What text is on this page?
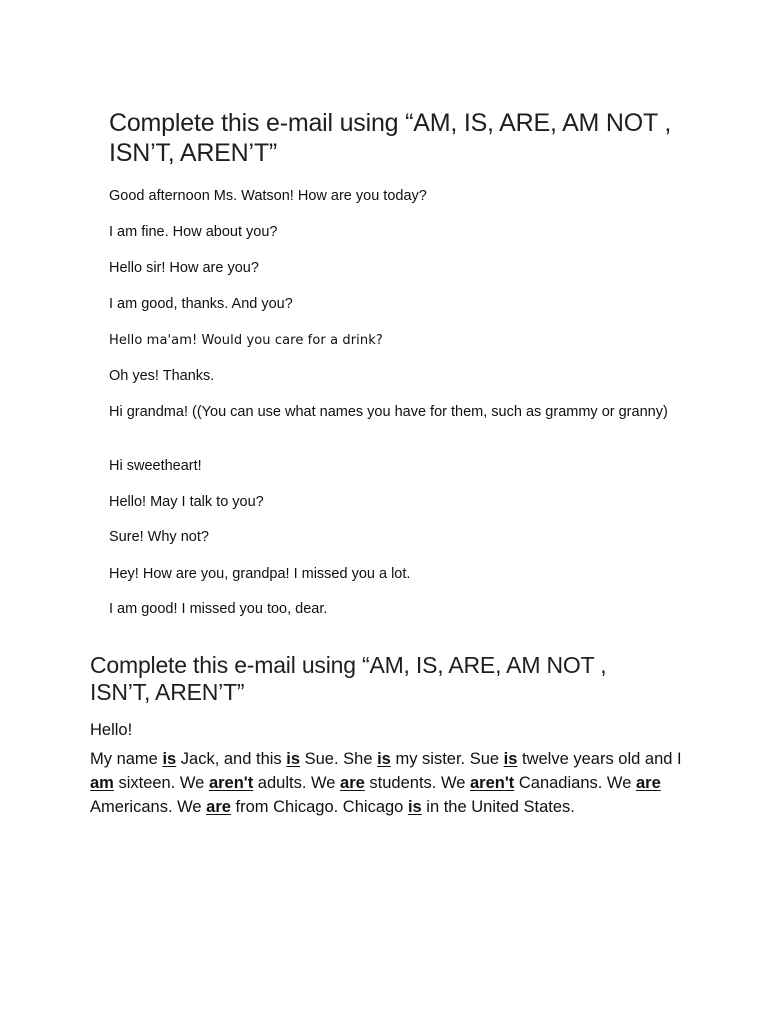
Complete this e-mail using “AM, IS, ARE, AM NOT , ISN’T, AREN’T”
Good afternoon Ms. Watson! How are you today?
I am fine. How about you?
Hello sir! How are you?
I am good, thanks. And you?
Hello ma'am! Would you care for a drink?
Oh yes! Thanks.
Hi grandma! ((You can use what names you have for them, such as grammy or granny)
Hi sweetheart!
Hello! May I talk to you?
Sure! Why not?
Hey! How are you, grandpa! I missed you a lot.
I am good! I missed you too, dear.
Complete this e-mail using “AM, IS, ARE, AM NOT , ISN’T, AREN’T”
Hello!
My name is Jack, and this is Sue. She is my sister. Sue is twelve years old and I am sixteen. We aren't adults. We are students. We aren't Canadians. We are Americans. We are from Chicago. Chicago is in the United States.
